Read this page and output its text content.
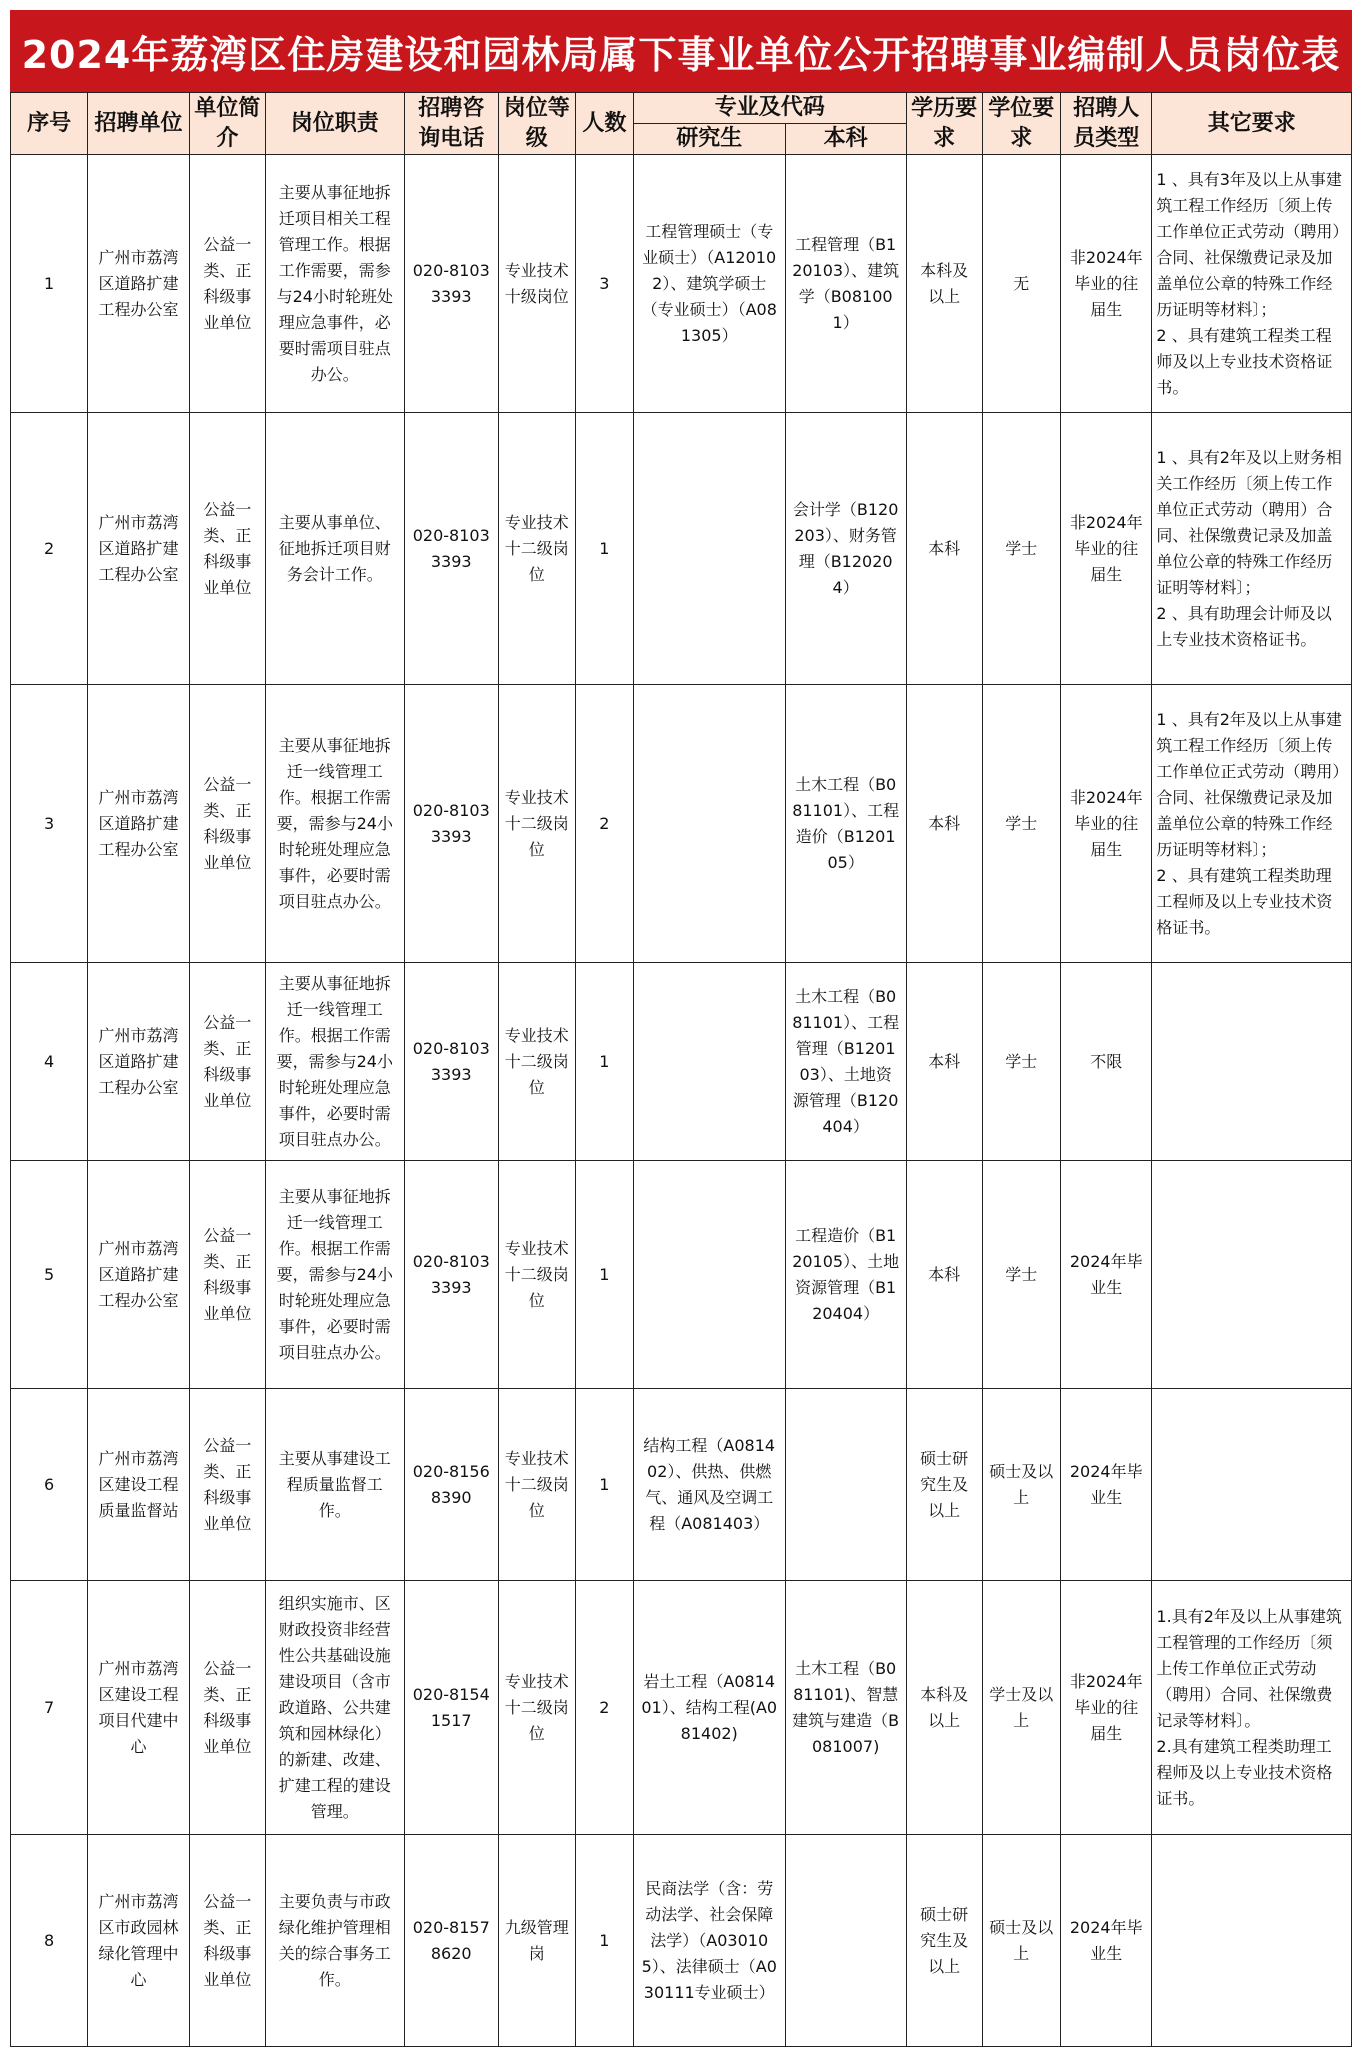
2024年荔湾区住房建设和园林局属下事业单位公开招聘事业编制人员岗位表
序号	招聘单位	单位简介	岗位职责	招聘咨询电话	岗位等级	人数	专业及代码		学历要求	学位要求	招聘人员类型	其它要求
							研究生	本科				
1	广州市荔湾区道路扩建工程办公室	公益一类、正科级事业单位	主要从事征地拆迁项目相关工程管理工作。根据工作需要，需参与24小时轮班处理应急事件，必要时需项目驻点办公。	020-81033393	专业技术十级岗位	3	工程管理硕士（专业硕士）（A120102）、建筑学硕士（专业硕士）（A081305）	工程管理（B120103）、建筑学（B081001）	本科及以上	无	非2024年毕业的往届生	1 、具有3年及以上从事建筑工程工作经历〔须上传工作单位正式劳动（聘用）合同、社保缴费记录及加盖单位公章的特殊工作经历证明等材料〕；
2 、具有建筑工程类工程师及以上专业技术资格证书。
2	广州市荔湾区道路扩建工程办公室	公益一类、正科级事业单位	主要从事单位、征地拆迁项目财务会计工作。	020-81033393	专业技术十二级岗位	1		会计学（B120203）、财务管理（B120204）	本科	学士	非2024年毕业的往届生	1 、具有2年及以上财务相关工作经历〔须上传工作单位正式劳动（聘用）合同、社保缴费记录及加盖单位公章的特殊工作经历证明等材料〕；
2 、具有助理会计师及以上专业技术资格证书。
3	广州市荔湾区道路扩建工程办公室	公益一类、正科级事业单位	主要从事征地拆迁一线管理工作。根据工作需要，需参与24小时轮班处理应急事件，必要时需项目驻点办公。	020-81033393	专业技术十二级岗位	2		土木工程（B081101）、工程造价（B120105）	本科	学士	非2024年毕业的往届生	1 、具有2年及以上从事建筑工程工作经历〔须上传工作单位正式劳动（聘用）合同、社保缴费记录及加盖单位公章的特殊工作经历证明等材料〕；
2 、具有建筑工程类助理工程师及以上专业技术资格证书。
4	广州市荔湾区道路扩建工程办公室	公益一类、正科级事业单位	主要从事征地拆迁一线管理工作。根据工作需要，需参与24小时轮班处理应急事件，必要时需项目驻点办公。	020-81033393	专业技术十二级岗位	1		土木工程（B081101）、工程管理（B120103）、土地资源管理（B120404）	本科	学士	不限	
5	广州市荔湾区道路扩建工程办公室	公益一类、正科级事业单位	主要从事征地拆迁一线管理工作。根据工作需要，需参与24小时轮班处理应急事件，必要时需项目驻点办公。	020-81033393	专业技术十二级岗位	1		工程造价（B120105）、土地资源管理（B120404）	本科	学士	2024年毕业生	
6	广州市荔湾区建设工程质量监督站	公益一类、正科级事业单位	主要从事建设工程质量监督工作。	020-81568390	专业技术十二级岗位	1	结构工程（A081402）、供热、供燃气、通风及空调工程（A081403）		硕士研究生及以上	硕士及以上	2024年毕业生	
7	广州市荔湾区建设工程项目代建中心	公益一类、正科级事业单位	组织实施市、区财政投资非经营性公共基础设施建设项目（含市政道路、公共建筑和园林绿化）的新建、改建、扩建工程的建设管理。	020-81541517	专业技术十二级岗位	2	岩土工程（A081401）、结构工程(A081402)	土木工程（B081101)、智慧建筑与建造（B081007)	本科及以上	学士及以上	非2024年毕业的往届生	1.具有2年及以上从事建筑工程管理的工作经历〔须上传工作单位正式劳动（聘用）合同、社保缴费记录等材料〕。
2.具有建筑工程类助理工程师及以上专业技术资格证书。
8	广州市荔湾区市政园林绿化管理中心	公益一类、正科级事业单位	主要负责与市政绿化维护管理相关的综合事务工作。	020-81578620	九级管理岗	1	民商法学（含：劳动法学、社会保障法学）（A030105）、法律硕士（A030111专业硕士）		硕士研究生及以上	硕士及以上	2024年毕业生	
